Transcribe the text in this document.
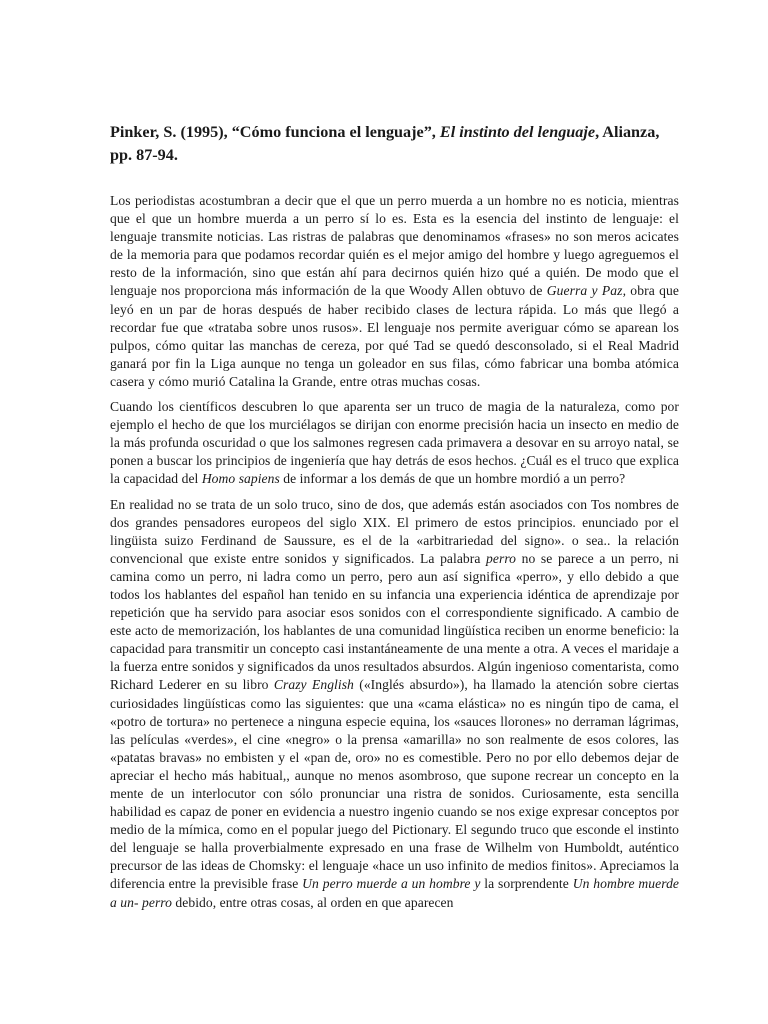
Pinker, S. (1995), “Cómo funciona el lenguaje”, El instinto del lenguaje, Alianza, pp. 87-94.

Los periodistas acostumbran a decir que el que un perro muerda a un hombre no es noticia, mientras que el que un hombre muerda a un perro sí lo es. Esta es la esencia del instinto de lenguaje: el lenguaje transmite noticias. Las ristras de palabras que denominamos «frases» no son meros acicates de la memoria para que podamos recordar quién es el mejor amigo del hombre y luego agreguemos el resto de la información, sino que están ahí para decirnos quién hizo qué a quién. De modo que el lenguaje nos proporciona más información de la que Woody Allen obtuvo de Guerra y Paz, obra que leyó en un par de horas después de haber recibido clases de lectura rápida. Lo más que llegó a recordar fue que «trataba sobre unos rusos». El lenguaje nos permite averiguar cómo se aparean los pulpos, cómo quitar las manchas de cereza, por qué Tad se quedó desconsolado, si el Real Madrid ganará por fin la Liga aunque no tenga un goleador en sus filas, cómo fabricar una bomba atómica casera y cómo murió Catalina la Grande, entre otras muchas cosas.

Cuando los científicos descubren lo que aparenta ser un truco de magia de la naturaleza, como por ejemplo el hecho de que los murciélagos se dirijan con enorme precisión hacia un insecto en medio de la más profunda oscuridad o que los salmones regresen cada primavera a desovar en su arroyo natal, se ponen a buscar los principios de ingeniería que hay detrás de esos hechos. ¿Cuál es el truco que explica la capacidad del Homo sapiens de informar a los demás de que un hombre mordió a un perro?

En realidad no se trata de un solo truco, sino de dos, que además están asociados con Tos nombres de dos grandes pensadores europeos del siglo XIX. El primero de estos principios. enunciado por el lingüista suizo Ferdinand de Saussure, es el de la «arbitrariedad del signo». o sea.. la relación convencional que existe entre sonidos y significados. La palabra perro no se parece a un perro, ni camina como un perro, ni ladra como un perro, pero aun así significa «perro», y ello debido a que todos los hablantes del español han tenido en su infancia una experiencia idéntica de aprendizaje por repetición que ha servido para asociar esos sonidos con el correspondiente significado. A cambio de este acto de memorización, los hablantes de una comunidad lingüística reciben un enorme beneficio: la capacidad para transmitir un concepto casi instantáneamente de una mente a otra. A veces el maridaje a la fuerza entre sonidos y significados da unos resultados absurdos. Algún ingenioso comentarista, como Richard Lederer en su libro Crazy English («Inglés absurdo»), ha llamado la atención sobre ciertas curiosidades lingüísticas como las siguientes: que una «cama elástica» no es ningún tipo de cama, el «potro de tortura» no pertenece a ninguna especie equina, los «sauces llorones» no derraman lágrimas, las películas «verdes», el cine «negro» o la prensa «amarilla» no son realmente de esos colores, las «patatas bravas» no embisten y el «pan de, oro» no es comestible. Pero no por ello debemos dejar de apreciar el hecho más habitual,, aunque no menos asombroso, que supone recrear un concepto en la mente de un interlocutor con sólo pronunciar una ristra de sonidos. Curiosamente, esta sencilla habilidad es capaz de poner en evidencia a nuestro ingenio cuando se nos exige expresar conceptos por medio de la mímica, como en el popular juego del Pictionary. El segundo truco que esconde el instinto del lenguaje se halla proverbialmente expresado en una frase de Wilhelm von Humboldt, auténtico precursor de las ideas de Chomsky: el lenguaje «hace un uso infinito de medios finitos». Apreciamos la diferencia entre la previsible frase Un perro muerde a un hombre y la sorprendente Un hombre muerde a un- perro debido, entre otras cosas, al orden en que aparecen
